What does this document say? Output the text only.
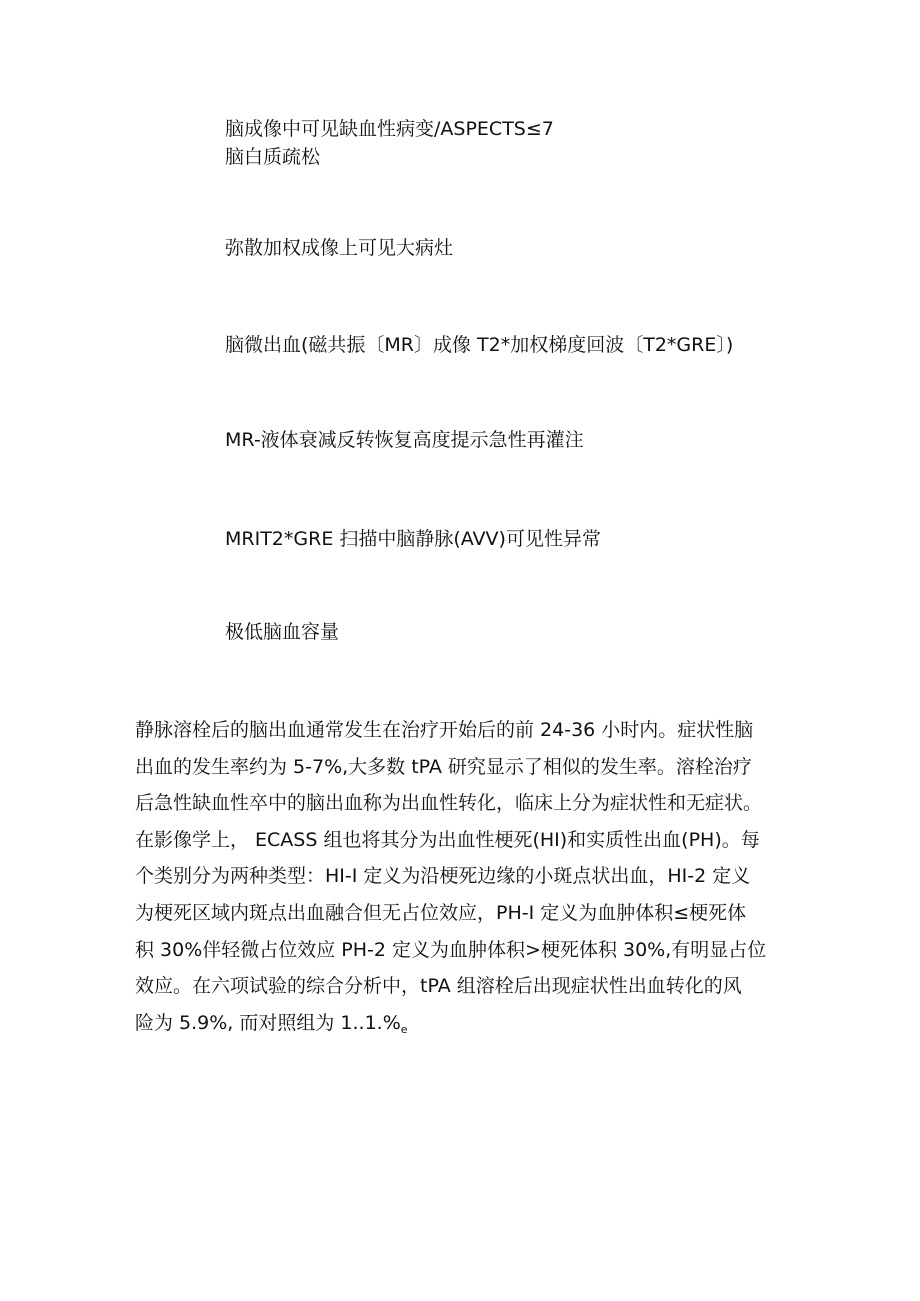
脑成像中可见缺血性病变/ASPECTS≤7

脑白质疏松

弥散加权成像上可见大病灶

脑微出血(磁共振〔MR〕成像 T2*加权梯度回波〔T2*GRE〕)

MR-液体衰减反转恢复高度提示急性再灌注

MRIT2*GRE 扫描中脑静脉(AVV)可见性异常

极低脑血容量

静脉溶栓后的脑出血通常发生在治疗开始后的前 24-36 小时内。症状性脑
出血的发生率约为 5-7%,大多数 tPA 研究显示了相似的发生率。溶栓治疗
后急性缺血性卒中的脑出血称为出血性转化，临床上分为症状性和无症状。
在影像学上， ECASS 组也将其分为出血性梗死(HI)和实质性出血(PH)。每
个类别分为两种类型：HI-I 定义为沿梗死边缘的小斑点状出血，HI-2 定义
为梗死区域内斑点出血融合但无占位效应，PH-I 定义为血肿体积≤梗死体
积 30%伴轻微占位效应 PH-2 定义为血肿体积>梗死体积 30%,有明显占位
效应。在六项试验的综合分析中，tPA 组溶栓后出现症状性出血转化的风
险为 5.9%, 而对照组为 $1..1.\%_e$
